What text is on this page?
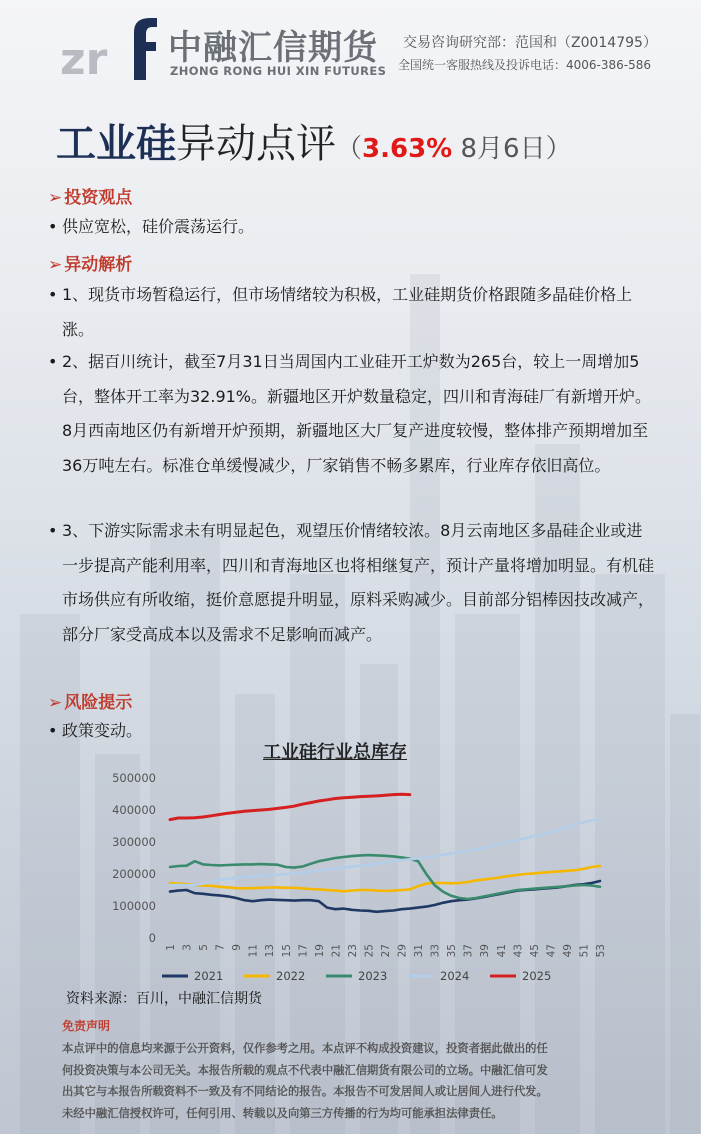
zr 中融汇信期货
ZHONG RONG HUI XIN FUTURES
交易咨询研究部：范国和（Z0014795）
全国统一客服热线及投诉电话：4006-386-586
工业硅异动点评（3.63% 8月6日）
➢ 投资观点
• 供应宽松，硅价震荡运行。
➢ 异动解析
• 1、现货市场暂稳运行，但市场情绪较为积极，工业硅期货价格跟随多晶硅价格上涨。
• 2、据百川统计，截至7月31日当周国内工业硅开工炉数为265台，较上一周增加5台，整体开工率为32.91%。新疆地区开炉数量稳定，四川和青海硅厂有新增开炉。8月西南地区仍有新增开炉预期，新疆地区大厂复产进度较慢，整体排产预期增加至36万吨左右。标准仓单缓慢减少，厂家销售不畅多累库，行业库存依旧高位。
• 3、下游实际需求未有明显起色，观望压价情绪较浓。8月云南地区多晶硅企业或进一步提高产能利用率，四川和青海地区也将相继复产，预计产量将增加明显。有机硅市场供应有所收缩，挺价意愿提升明显，原料采购减少。目前部分铝棒因技改减产，部分厂家受高成本以及需求不足影响而减产。
➢ 风险提示
• 政策变动。
工业硅行业总库存
0
100000
200000
300000
400000
500000
1 3 5 7 9 11 13 15 17 19 21 23 25 27 29 31 33 35 37 39 41 43 45 47 49 51 53
2021	2022	2023	2024	2025
资料来源：百川，中融汇信期货
免责声明
本点评中的信息均来源于公开资料，仅作参考之用。本点评不构成投资建议，投资者据此做出的任
何投资决策与本公司无关。本报告所载的观点不代表中融汇信期货有限公司的立场。中融汇信可发
出其它与本报告所载资料不一致及有不同结论的报告。本报告不可发居间人或让居间人进行代发。
未经中融汇信授权许可，任何引用、转载以及向第三方传播的行为均可能承担法律责任。
